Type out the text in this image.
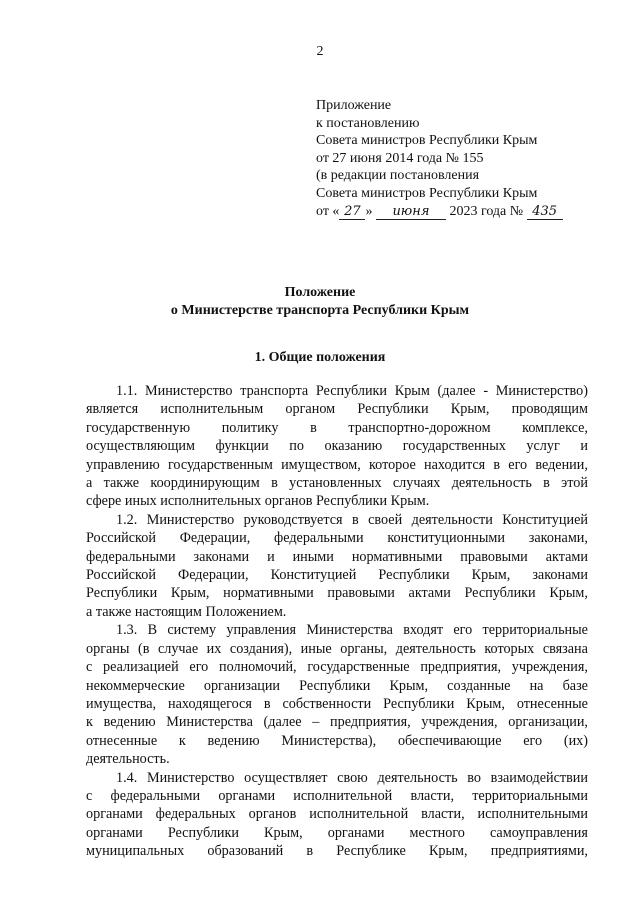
2
Приложение
к постановлению
Совета министров Республики Крым
от 27 июня 2014 года № 155
(в редакции постановления
Совета министров Республики Крым
от « 27 » июня 2023 года № 435
Положение
о Министерстве транспорта Республики Крым
1. Общие положения
1.1. Министерство транспорта Республики Крым (далее - Министерство)
является исполнительным органом Республики Крым, проводящим
государственную политику в транспортно-дорожном комплексе,
осуществляющим функции по оказанию государственных услуг и
управлению государственным имуществом, которое находится в его ведении,
а также координирующим в установленных случаях деятельность в этой
сфере иных исполнительных органов Республики Крым.
1.2. Министерство руководствуется в своей деятельности Конституцией
Российской Федерации, федеральными конституционными законами,
федеральными законами и иными нормативными правовыми актами
Российской Федерации, Конституцией Республики Крым, законами
Республики Крым, нормативными правовыми актами Республики Крым,
а также настоящим Положением.
1.3. В систему управления Министерства входят его территориальные
органы (в случае их создания), иные органы, деятельность которых связана
с реализацией его полномочий, государственные предприятия, учреждения,
некоммерческие организации Республики Крым, созданные на базе
имущества, находящегося в собственности Республики Крым, отнесенные
к ведению Министерства (далее – предприятия, учреждения, организации,
отнесенные к ведению Министерства), обеспечивающие его (их)
деятельность.
1.4. Министерство осуществляет свою деятельность во взаимодействии
с федеральными органами исполнительной власти, территориальными
органами федеральных органов исполнительной власти, исполнительными
органами Республики Крым, органами местного самоуправления
муниципальных образований в Республике Крым, предприятиями,
